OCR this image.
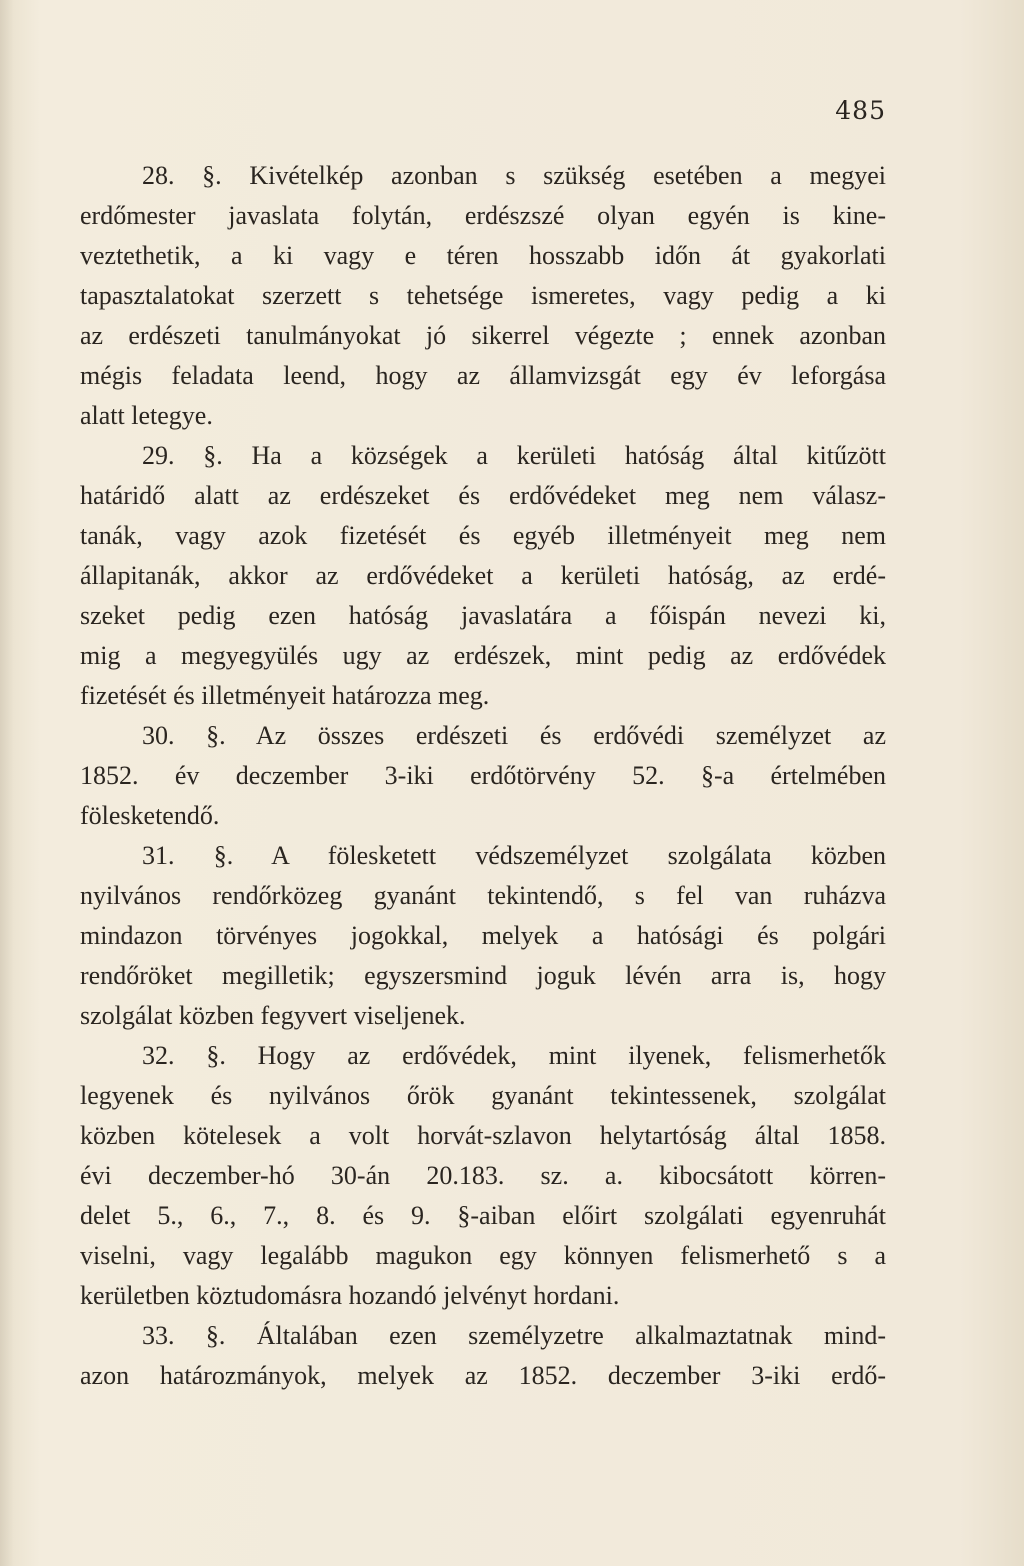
485
28. §. Kivételkép azonban s szükség esetében a megyei
erdőmester javaslata folytán, erdészszé olyan egyén is kine-
veztethetik, a ki vagy e téren hosszabb időn át gyakorlati
tapasztalatokat szerzett s tehetsége ismeretes, vagy pedig a ki
az erdészeti tanulmányokat jó sikerrel végezte ; ennek azonban
mégis feladata leend, hogy az államvizsgát egy év leforgása
alatt letegye.
29. §. Ha a községek a kerületi hatóság által kitűzött
határidő alatt az erdészeket és erdővédeket meg nem válasz-
tanák, vagy azok fizetését és egyéb illetményeit meg nem
állapitanák, akkor az erdővédeket a kerületi hatóság, az erdé-
szeket pedig ezen hatóság javaslatára a főispán nevezi ki,
mig a megyegyülés ugy az erdészek, mint pedig az erdővédek
fizetését és illetményeit határozza meg.
30. §. Az összes erdészeti és erdővédi személyzet az
1852. év deczember 3-iki erdőtörvény 52. §-a értelmében
fölesketendő.
31. §. A fölesketett védszemélyzet szolgálata közben
nyilvános rendőrközeg gyanánt tekintendő, s fel van ruházva
mindazon törvényes jogokkal, melyek a hatósági és polgári
rendőröket megilletik; egyszersmind joguk lévén arra is, hogy
szolgálat közben fegyvert viseljenek.
32. §. Hogy az erdővédek, mint ilyenek, felismerhetők
legyenek és nyilvános őrök gyanánt tekintessenek, szolgálat
közben kötelesek a volt horvát-szlavon helytartóság által 1858.
évi deczember-hó 30-án 20.183. sz. a. kibocsátott körren-
delet 5., 6., 7., 8. és 9. §-aiban előirt szolgálati egyenruhát
viselni, vagy legalább magukon egy könnyen felismerhető s a
kerületben köztudomásra hozandó jelvényt hordani.
33. §. Általában ezen személyzetre alkalmaztatnak mind-
azon határozmányok, melyek az 1852. deczember 3-iki erdő-
